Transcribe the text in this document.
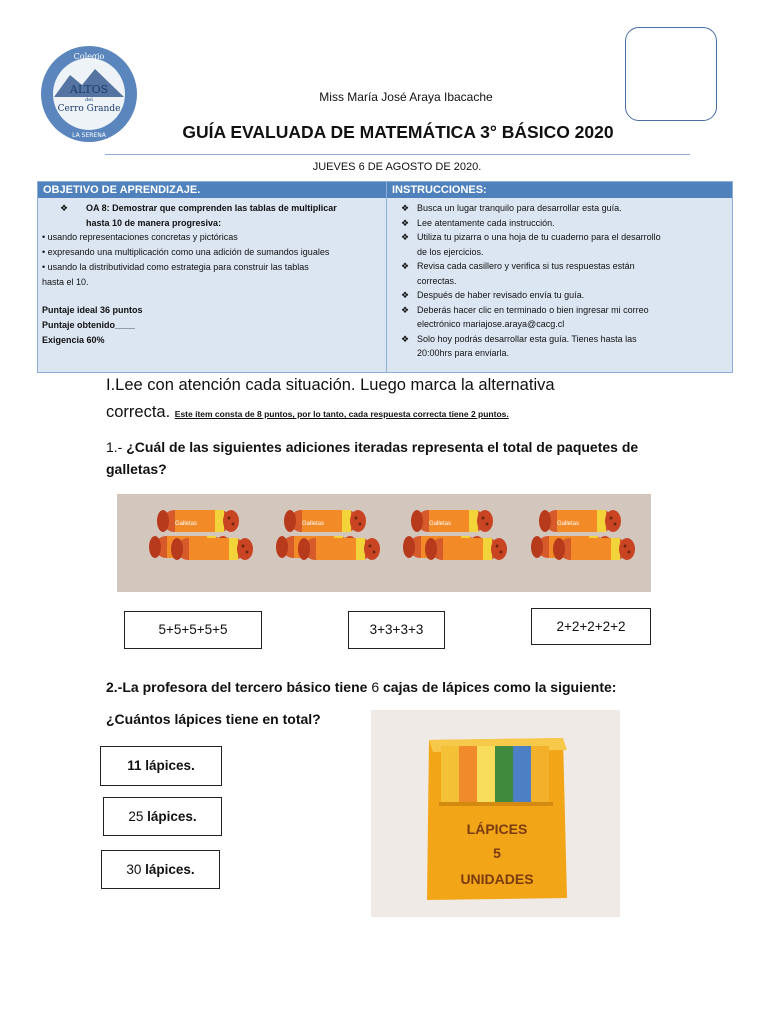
Colegio
ALTOS
del
Cerro Grande
LA SERENA
Miss María José Araya Ibacache
GUÍA EVALUADA DE MATEMÁTICA 3° BÁSICO 2020
JUEVES 6 DE AGOSTO DE 2020.
OBJETIVO DE APRENDIZAJE.	INSTRUCCIONES:
❖	OA 8: Demostrar que comprenden las tablas de multiplicar
hasta 10 de manera progresiva:
• usando representaciones concretas y pictóricas
• expresando una multiplicación como una adición de sumandos iguales
• usando la distributividad como estrategia para construir las tablas
hasta el 10.
Puntaje ideal 36 puntos
Puntaje obtenido____
Exigencia 60%
❖ Busca un lugar tranquilo para desarrollar esta guía.
❖ Lee atentamente cada instrucción.
❖ Utiliza tu pizarra o una hoja de tu cuaderno para el desarrollo
de los ejercicios.
❖ Revisa cada casillero y verifica si tus respuestas están
correctas.
❖ Después de haber revisado envía tu guía.
❖ Deberás hacer clic en terminado o bien ingresar mi correo
electrónico mariajose.araya@cacg.cl
❖ Solo hoy podrás desarrollar esta guía. Tienes hasta las
20:00hrs para enviarla.
I.Lee con atención cada situación. Luego marca la alternativa
correcta. Este ítem consta de 8 puntos, por lo tanto, cada respuesta correcta tiene 2 puntos.
1.- ¿Cuál de las siguientes adiciones iteradas representa el total de paquetes de galletas?
Galletas	Galletas	Galletas	Galletas
5+5+5+5+5	3+3+3+3	2+2+2+2+2
2.-La profesora del tercero básico tiene 6 cajas de lápices como la siguiente:
¿Cuántos lápices tiene en total?
11 lápices.
25 lápices.
30 lápices.
LÁPICES
5
UNIDADES
